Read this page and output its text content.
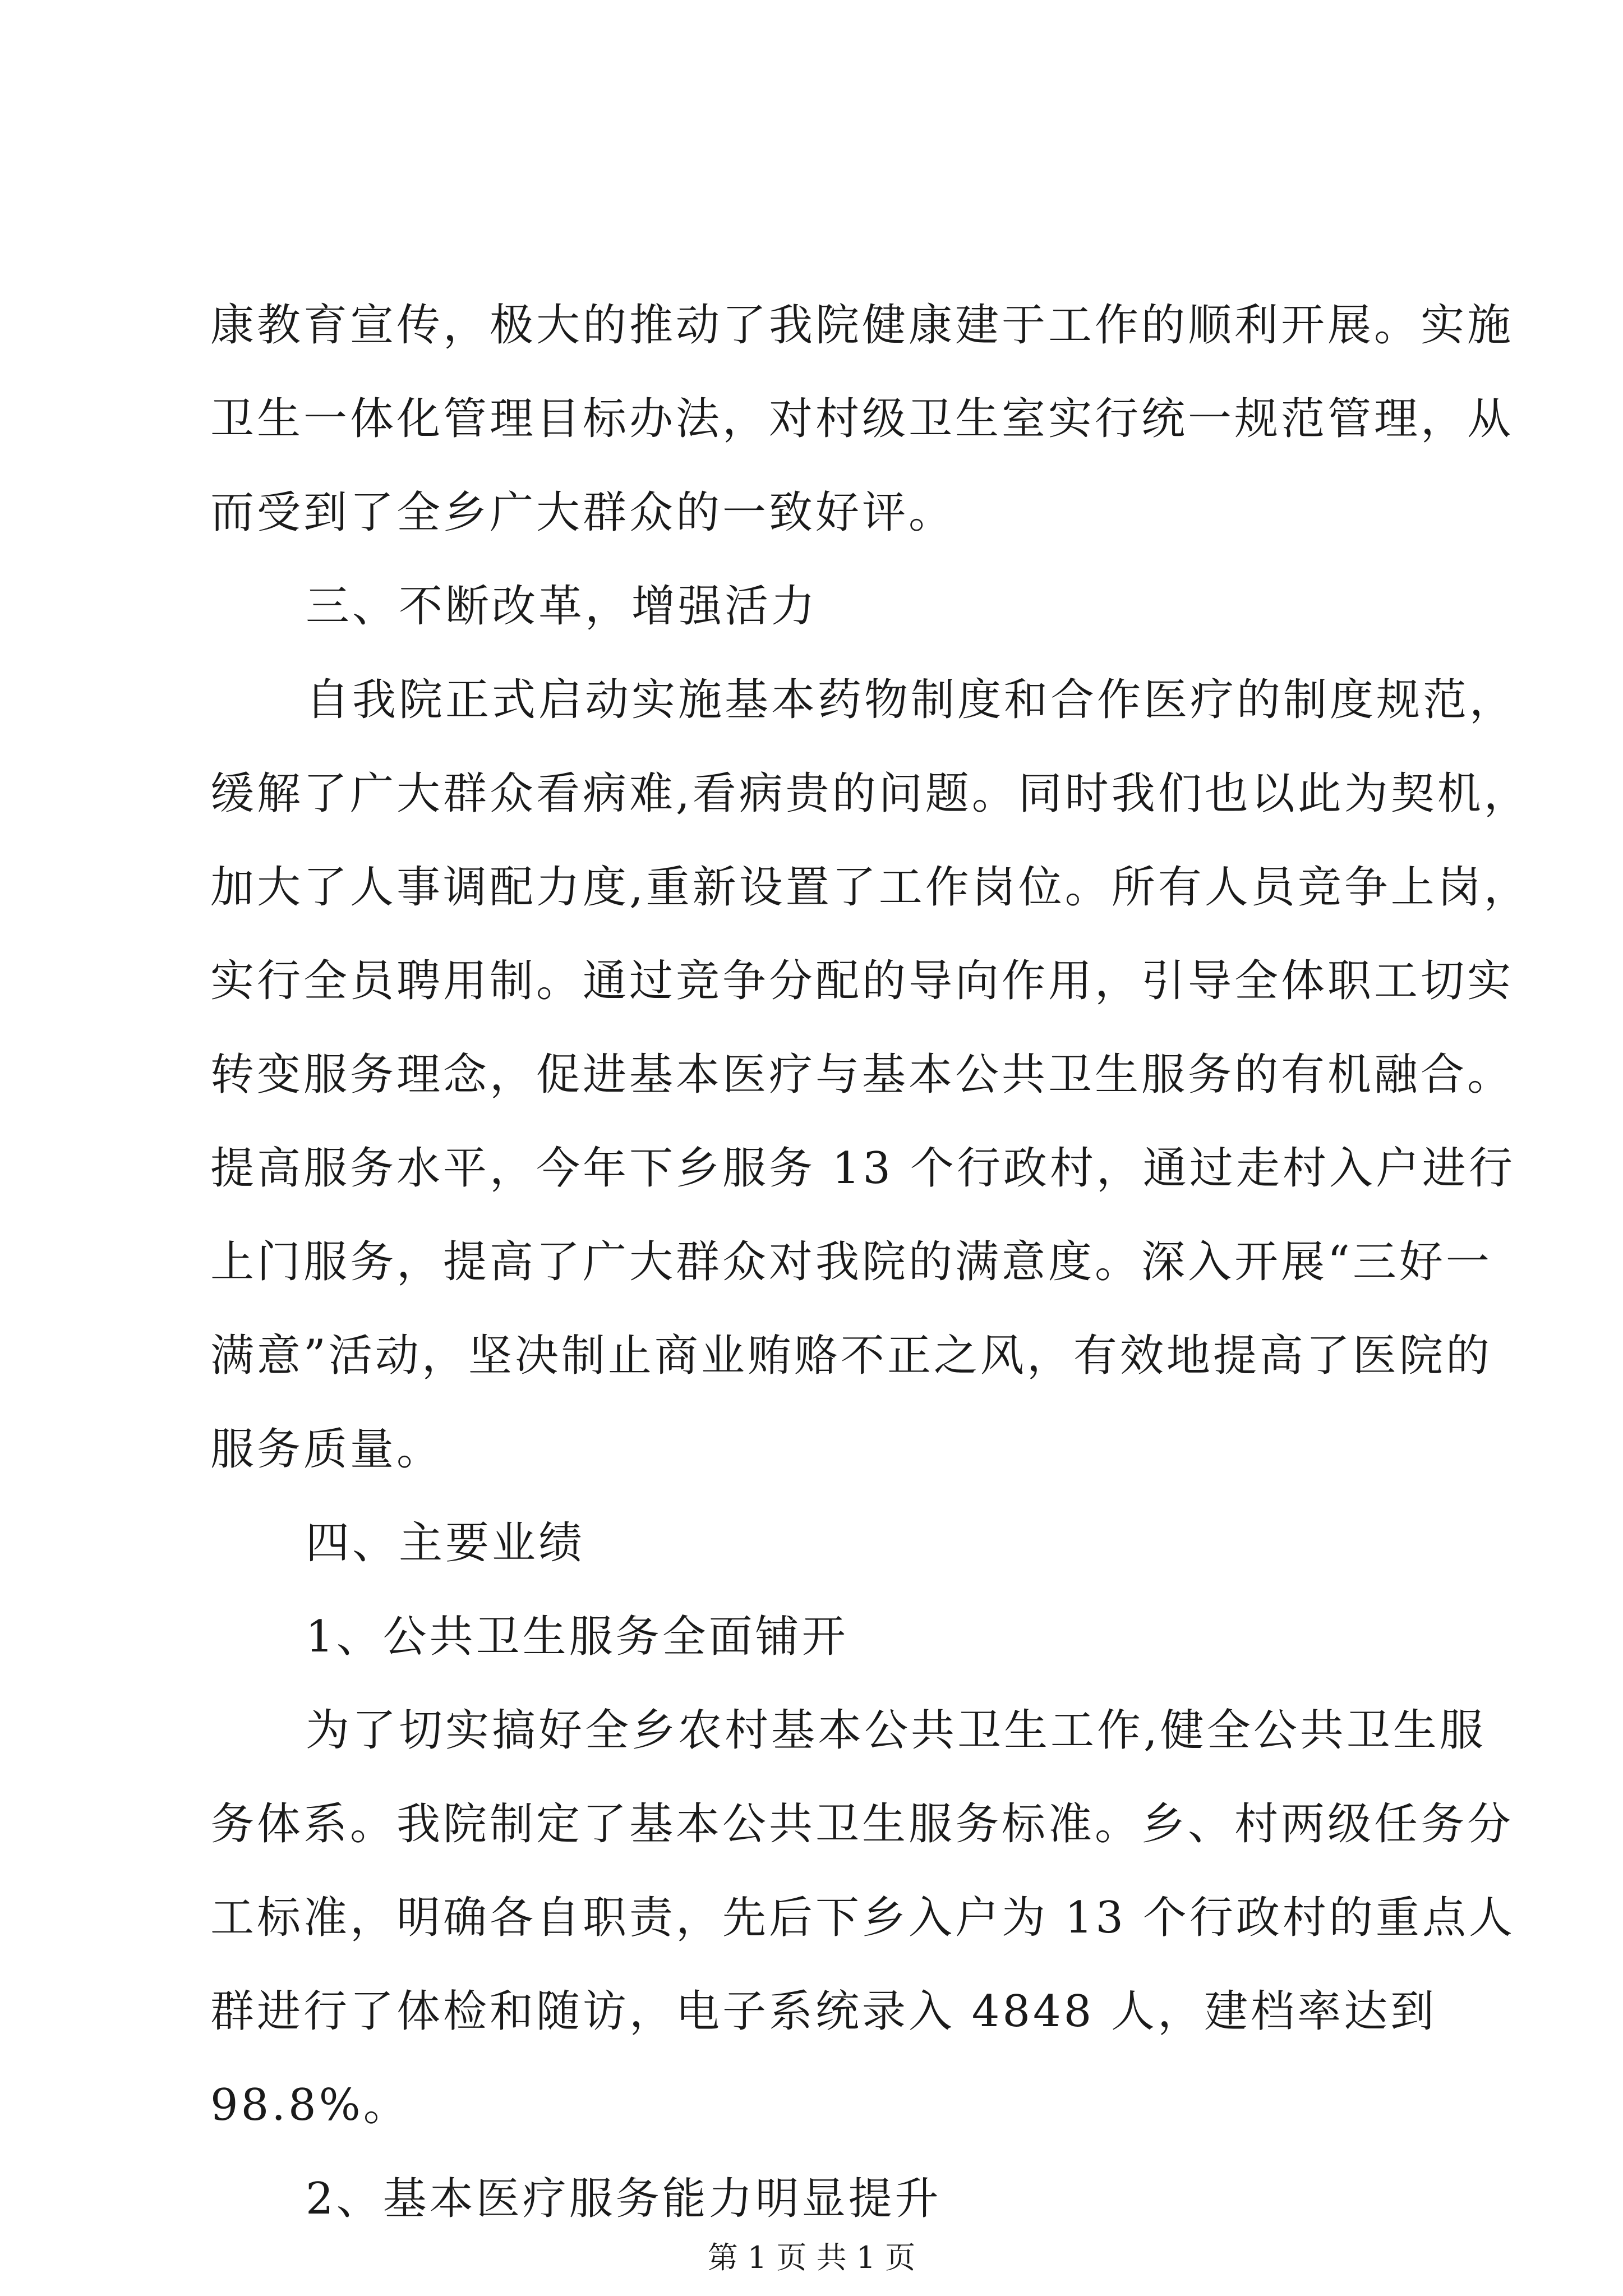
康教育宣传，极大的推动了我院健康建于工作的顺利开展。实施
卫生一体化管理目标办法，对村级卫生室实行统一规范管理，从
而受到了全乡广大群众的一致好评。
三、不断改革，增强活力
自我院正式启动实施基本药物制度和合作医疗的制度规范，
缓解了广大群众看病难,看病贵的问题。同时我们也以此为契机，
加大了人事调配力度,重新设置了工作岗位。所有人员竞争上岗，
实行全员聘用制。通过竞争分配的导向作用，引导全体职工切实
转变服务理念，促进基本医疗与基本公共卫生服务的有机融合。
提高服务水平，今年下乡服务 13 个行政村，通过走村入户进行
上门服务，提高了广大群众对我院的满意度。深入开展“三好一
满意”活动，坚决制止商业贿赂不正之风，有效地提高了医院的
服务质量。
四、主要业绩
1、公共卫生服务全面铺开
为了切实搞好全乡农村基本公共卫生工作,健全公共卫生服
务体系。我院制定了基本公共卫生服务标准。乡、村两级任务分
工标准，明确各自职责，先后下乡入户为 13 个行政村的重点人
群进行了体检和随访，电子系统录入 4848 人，建档率达到
98.8%。
2、基本医疗服务能力明显提升
第 1 页 共 1 页
